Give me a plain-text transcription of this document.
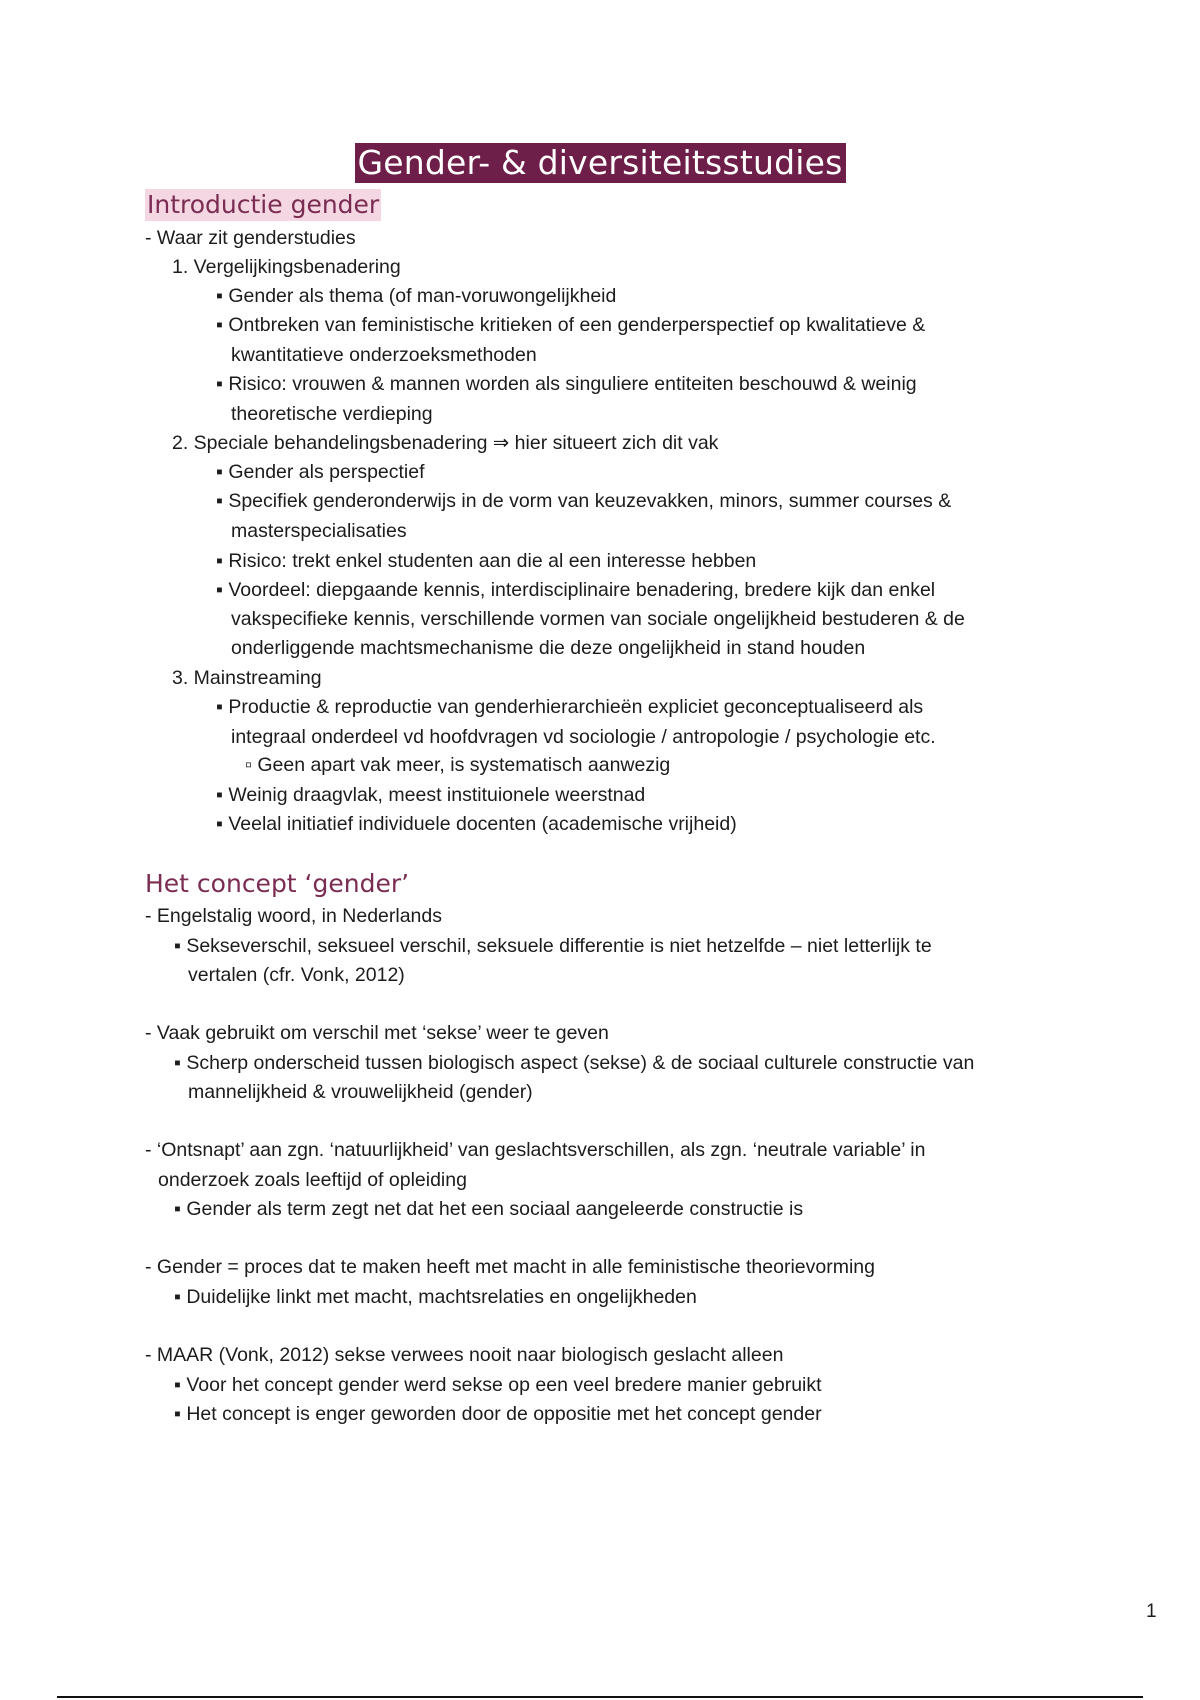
Gender- & diversiteitsstudies
Introductie gender
- Waar zit genderstudies
1. Vergelijkingsbenadering
▪ Gender als thema (of man-voruwongelijkheid
▪ Ontbreken van feministische kritieken of een genderperspectief op kwalitatieve &
kwantitatieve onderzoeksmethoden
▪ Risico: vrouwen & mannen worden als singuliere entiteiten beschouwd & weinig
theoretische verdieping
2. Speciale behandelingsbenadering ⇒ hier situeert zich dit vak
▪ Gender als perspectief
▪ Specifiek genderonderwijs in de vorm van keuzevakken, minors, summer courses &
masterspecialisaties
▪ Risico: trekt enkel studenten aan die al een interesse hebben
▪ Voordeel: diepgaande kennis, interdisciplinaire benadering, bredere kijk dan enkel
vakspecifieke kennis, verschillende vormen van sociale ongelijkheid bestuderen & de
onderliggende machtsmechanisme die deze ongelijkheid in stand houden
3. Mainstreaming
▪ Productie & reproductie van genderhierarchieën expliciet geconceptualiseerd als
integraal onderdeel vd hoofdvragen vd sociologie / antropologie / psychologie etc.
▫ Geen apart vak meer, is systematisch aanwezig
▪ Weinig draagvlak, meest instituionele weerstnad
▪ Veelal initiatief individuele docenten (academische vrijheid)
Het concept ‘gender’
- Engelstalig woord, in Nederlands
▪ Sekseverschil, seksueel verschil, seksuele differentie is niet hetzelfde – niet letterlijk te
vertalen (cfr. Vonk, 2012)
- Vaak gebruikt om verschil met ‘sekse’ weer te geven
▪ Scherp onderscheid tussen biologisch aspect (sekse) & de sociaal culturele constructie van
mannelijkheid & vrouwelijkheid (gender)
- ‘Ontsnapt’ aan zgn. ‘natuurlijkheid’ van geslachtsverschillen, als zgn. ‘neutrale variable’ in
onderzoek zoals leeftijd of opleiding
▪ Gender als term zegt net dat het een sociaal aangeleerde constructie is
- Gender = proces dat te maken heeft met macht in alle feministische theorievorming
▪ Duidelijke linkt met macht, machtsrelaties en ongelijkheden
- MAAR (Vonk, 2012) sekse verwees nooit naar biologisch geslacht alleen
▪ Voor het concept gender werd sekse op een veel bredere manier gebruikt
▪ Het concept is enger geworden door de oppositie met het concept gender
1
